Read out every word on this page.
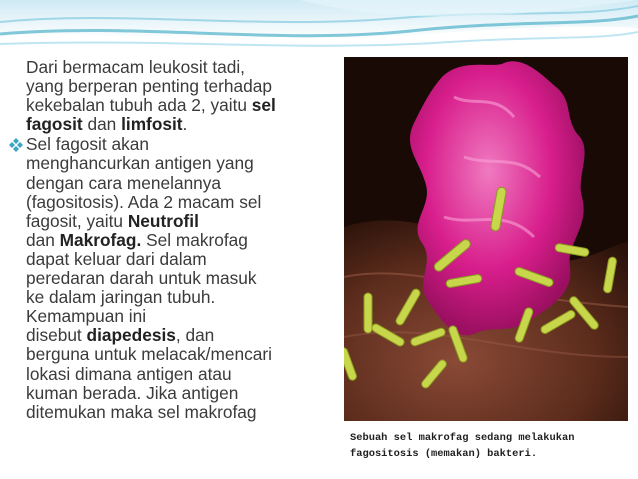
Dari bermacam leukosit tadi,
yang berperan penting terhadap
kekebalan tubuh ada 2, yaitu sel
fagosit dan limfosit.

Sel fagosit akan
menghancurkan antigen yang
dengan cara menelannya
(fagositosis). Ada 2 macam sel
fagosit, yaitu Neutrofil
dan Makrofag. Sel makrofag
dapat keluar dari dalam
peredaran darah untuk masuk
ke dalam jaringan tubuh.
Kemampuan ini
disebut diapedesis, dan
berguna untuk melacak/mencari
lokasi dimana antigen atau
kuman berada. Jika antigen
ditemukan maka sel makrofag
Sebuah sel makrofag sedang melakukan
fagositosis (memakan) bakteri.
